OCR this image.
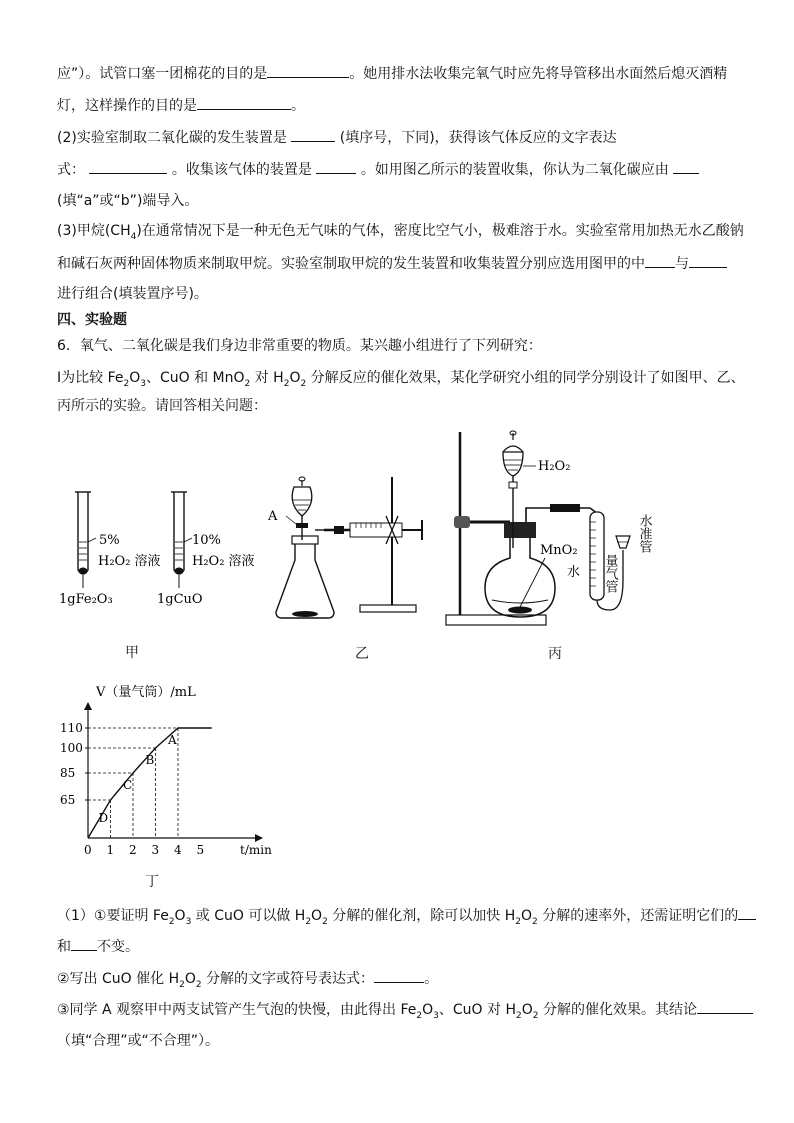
应”）。试管口塞一团棉花的目的是	。她用排水法收集完氧气时应先将导管移出水面然后熄灭酒精
灯，这样操作的目的是	。
(2)实验室制取二氧化碳的发生装置是	(填序号，下同)，获得该气体反应的文字表达
式：	。收集该气体的装置是	。如用图乙所示的装置收集，你认为二氧化碳应由
(填“a”或“b”)端导入。
(3)甲烷$(CH_4)$在通常情况下是一种无色无气味的气体，密度比空气小，极难溶于水。实验室常用加热无水乙酸钠
和碱石灰两种固体物质来制取甲烷。实验室制取甲烷的发生装置和收集装置分别应选用图甲的中 与
进行组合(填装置序号)。
四、实验题
6．氧气、二氧化碳是我们身边非常重要的物质。某兴趣小组进行了下列研究：
Ⅰ为比较 $Fe_2O_3$、CuO 和 MnO$_2$ 对 $H_2O_2$ 分解反应的催化效果，某化学研究小组的同学分别设计了如图甲、乙、
丙所示的实验。请回答相关问题：
5%
H₂O₂ 溶液
1gFe₂O₃
10%
H₂O₂ 溶液
1gCuO
甲
A
乙
H₂O₂
水
MnO₂
量气管
水准管
丙
V（量气筒）/mL
t/min
0 1 2 3 4 5
65
85
100
110
D
C
B
A
丁
（1）①要证明 $Fe_2O_3$ 或 CuO 可以做 $H_2O_2$ 分解的催化剂，除可以加快 $H_2O_2$ 分解的速率外，还需证明它们的
和 不变。
②写出 CuO 催化 $H_2O_2$ 分解的文字或符号表达式：	。
③同学 A 观察甲中两支试管产生气泡的快慢，由此得出 $Fe_2O_3$、CuO 对 $H_2O_2$ 分解的催化效果。其结论
（填“合理”或“不合理”）。
